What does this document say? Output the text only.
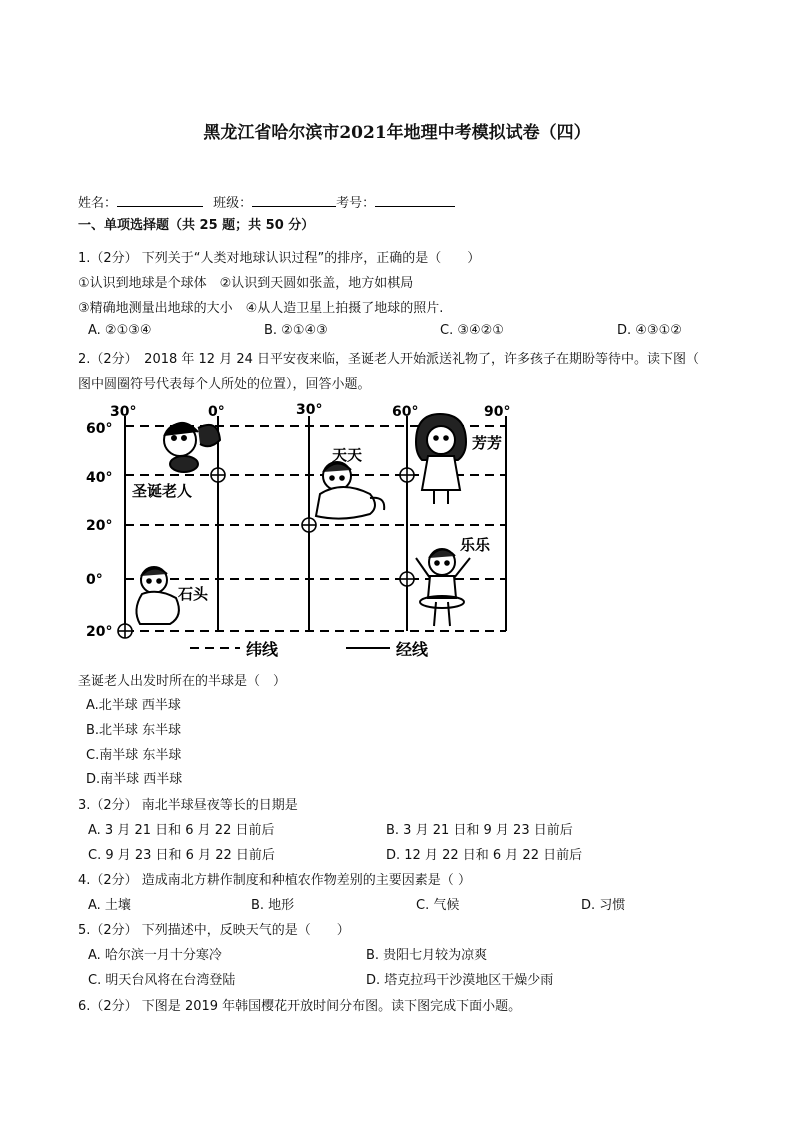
黑龙江省哈尔滨市2021年地理中考模拟试卷（四）
姓名：	班级：	考号：
一、单项选择题（共 25 题；共 50 分）
1.（2分） 下列关于“人类对地球认识过程”的排序，正确的是（　　）
①认识到地球是个球体　②认识到天圆如张盖，地方如棋局
③精确地测量出地球的大小　④从人造卫星上拍摄了地球的照片.
A. ②①③④	B. ②①④③	C. ③④②①	D. ④③①②
2.（2分）　2018 年 12 月 24 日平安夜来临，圣诞老人开始派送礼物了，许多孩子在期盼等待中。读下图（
图中圆圈符号代表每个人所处的位置），回答小题。
30°	0°	30°	60°	90°
60°
40°
20°
0°
20°
圣诞老人
天天
芳芳
乐乐
石头
纬线	经线
圣诞老人出发时所在的半球是（　）
A.北半球 西半球
B.北半球 东半球
C.南半球 东半球
D.南半球 西半球
3.（2分） 南北半球昼夜等长的日期是
A. 3 月 21 日和 6 月 22 日前后	B. 3 月 21 日和 9 月 23 日前后
C. 9 月 23 日和 6 月 22 日前后	D. 12 月 22 日和 6 月 22 日前后
4.（2分） 造成南北方耕作制度和种植农作物差别的主要因素是（ ）
A. 土壤	B. 地形	C. 气候	D. 习惯
5.（2分） 下列描述中，反映天气的是（　　）
A. 哈尔滨一月十分寒冷	B. 贵阳七月较为凉爽
C. 明天台风将在台湾登陆	D. 塔克拉玛干沙漠地区干燥少雨
6.（2分） 下图是 2019 年韩国樱花开放时间分布图。读下图完成下面小题。
